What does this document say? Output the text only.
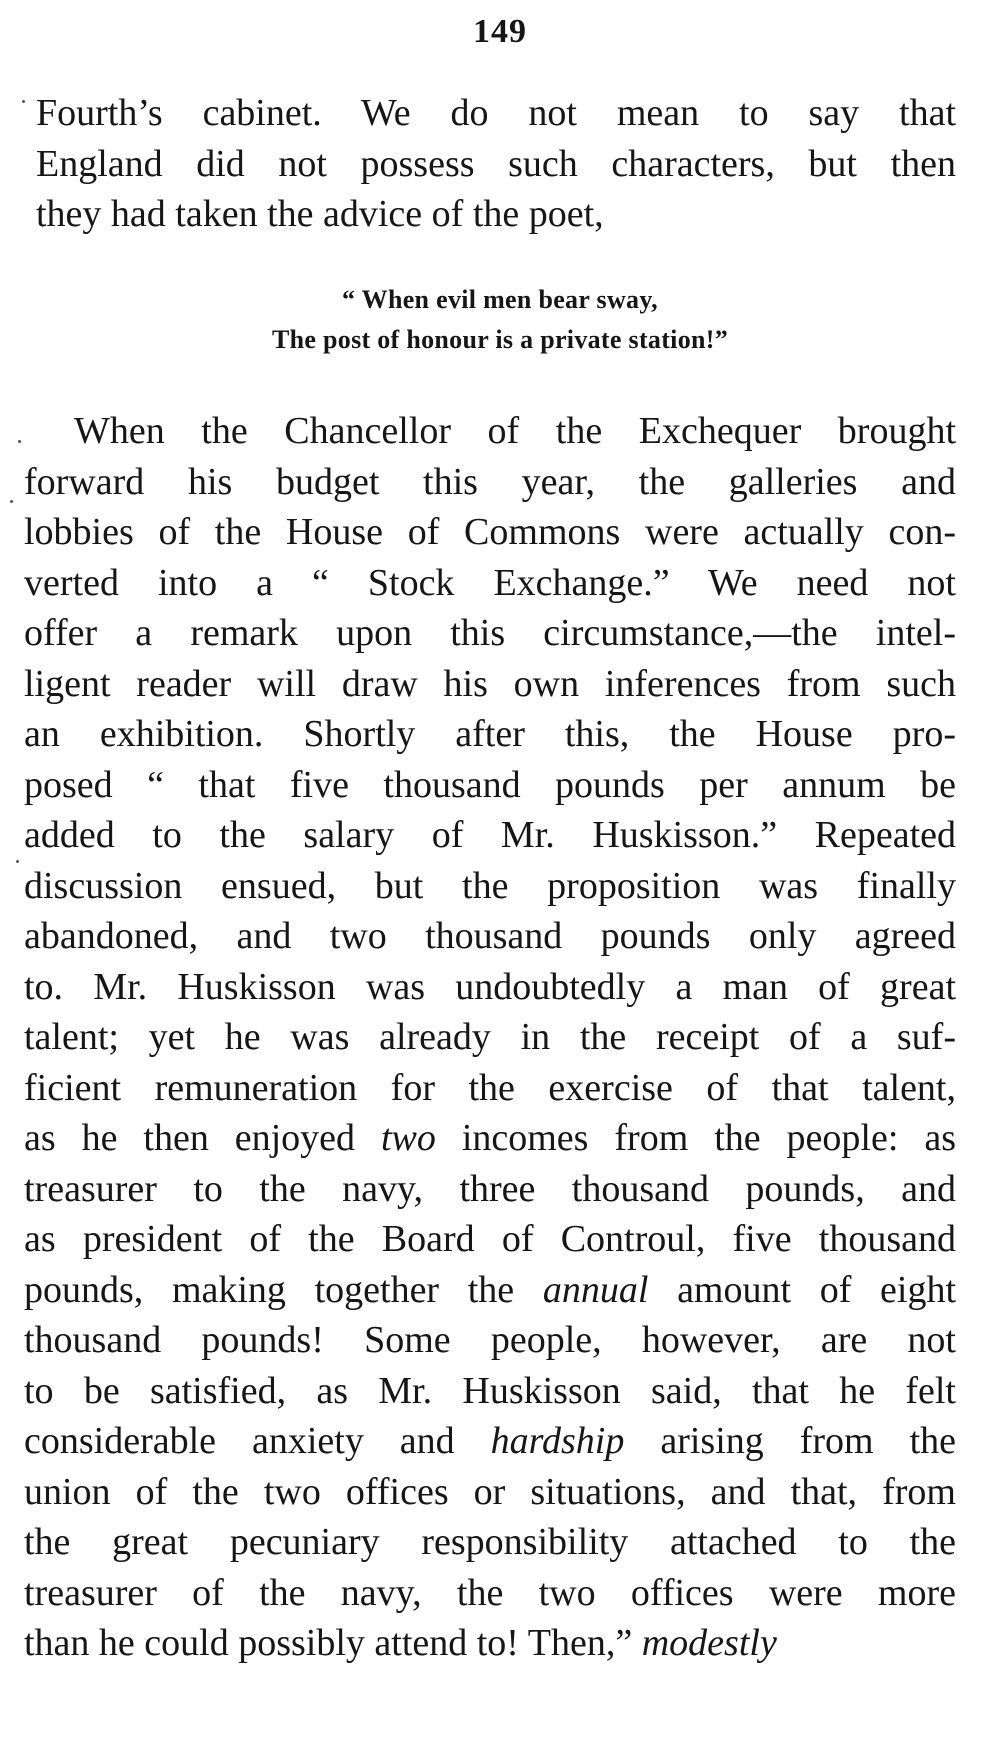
149
Fourth’s cabinet. We do not mean to say that
England did not possess such characters, but then
they had taken the advice of the poet,
“ When evil men bear sway,
The post of honour is a private station!”
When the Chancellor of the Exchequer brought
forward his budget this year, the galleries and
lobbies of the House of Commons were actually con-
verted into a “ Stock Exchange.” We need not
offer a remark upon this circumstance,—the intel-
ligent reader will draw his own inferences from such
an exhibition. Shortly after this, the House pro-
posed “ that five thousand pounds per annum be
added to the salary of Mr. Huskisson.” Repeated
discussion ensued, but the proposition was finally
abandoned, and two thousand pounds only agreed
to. Mr. Huskisson was undoubtedly a man of great
talent; yet he was already in the receipt of a suf-
ficient remuneration for the exercise of that talent,
as he then enjoyed two incomes from the people: as
treasurer to the navy, three thousand pounds, and
as president of the Board of Controul, five thousand
pounds, making together the annual amount of eight
thousand pounds! Some people, however, are not
to be satisfied, as Mr. Huskisson said, that he felt
considerable anxiety and hardship arising from the
union of the two offices or situations, and that, from
the great pecuniary responsibility attached to the
treasurer of the navy, the two offices were more
than he could possibly attend to! Then,” modestly
